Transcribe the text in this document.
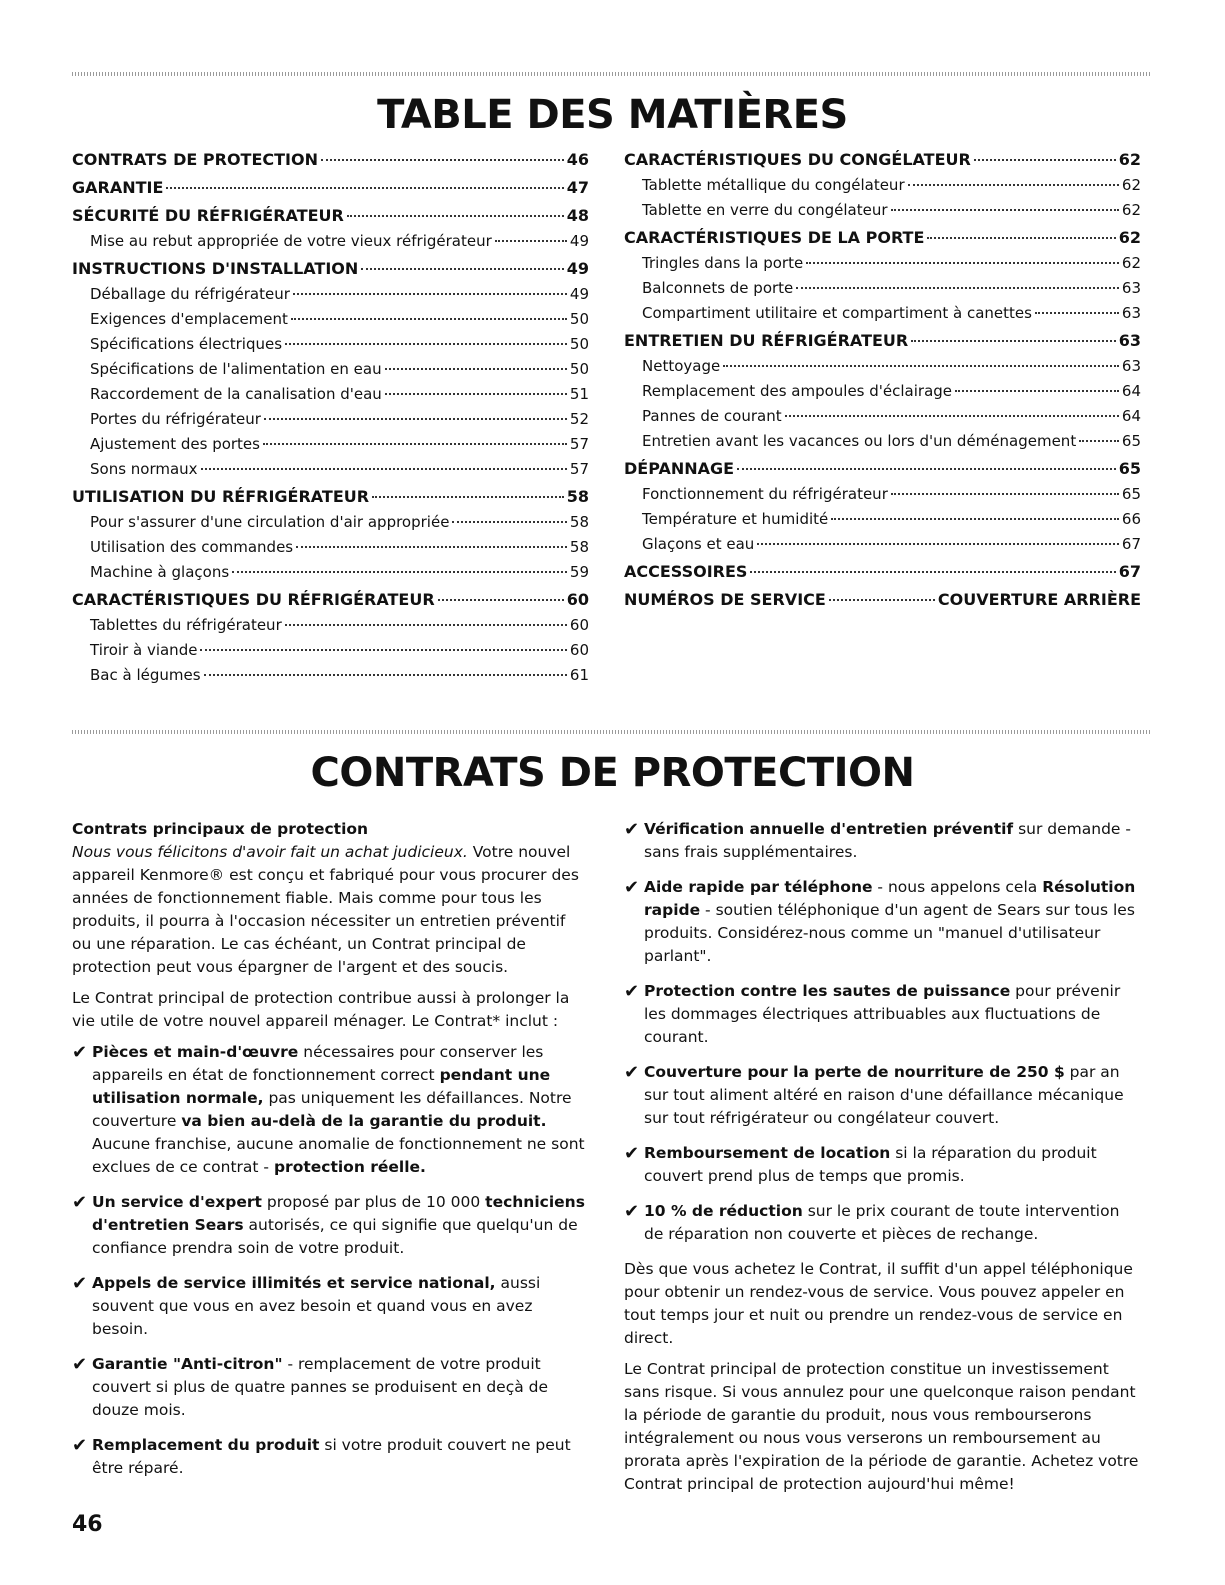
TABLE DES MATIÈRES
CONTRATS DE PROTECTION	46
GARANTIE	47
SÉCURITÉ DU RÉFRIGÉRATEUR	48
Mise au rebut appropriée de votre vieux réfrigérateur	49
INSTRUCTIONS D'INSTALLATION	49
Déballage du réfrigérateur	49
Exigences d'emplacement	50
Spécifications électriques	50
Spécifications de l'alimentation en eau	50
Raccordement de la canalisation d'eau	51
Portes du réfrigérateur	52
Ajustement des portes	57
Sons normaux	57
UTILISATION DU RÉFRIGÉRATEUR	58
Pour s'assurer d'une circulation d'air appropriée	58
Utilisation des commandes	58
Machine à glaçons	59
CARACTÉRISTIQUES DU RÉFRIGÉRATEUR	60
Tablettes du réfrigérateur	60
Tiroir à viande	60
Bac à légumes	61
CARACTÉRISTIQUES DU CONGÉLATEUR	62
Tablette métallique du congélateur	62
Tablette en verre du congélateur	62
CARACTÉRISTIQUES DE LA PORTE	62
Tringles dans la porte	62
Balconnets de porte	63
Compartiment utilitaire et compartiment à canettes	63
ENTRETIEN DU RÉFRIGÉRATEUR	63
Nettoyage	63
Remplacement des ampoules d'éclairage	64
Pannes de courant	64
Entretien avant les vacances ou lors d'un déménagement	65
DÉPANNAGE	65
Fonctionnement du réfrigérateur	65
Température et humidité	66
Glaçons et eau	67
ACCESSOIRES	67
NUMÉROS DE SERVICE	COUVERTURE ARRIÈRE
CONTRATS DE PROTECTION

Contrats principaux de protection

Nous vous félicitons d'avoir fait un achat judicieux. Votre nouvel appareil Kenmore® est conçu et fabriqué pour vous procurer des années de fonctionnement fiable. Mais comme pour tous les produits, il pourra à l'occasion nécessiter un entretien préventif ou une réparation. Le cas échéant, un Contrat principal de protection peut vous épargner de l'argent et des soucis.

Le Contrat principal de protection contribue aussi à prolonger la vie utile de votre nouvel appareil ménager. Le Contrat* inclut :

✔ Pièces et main-d'œuvre nécessaires pour conserver les appareils en état de fonctionnement correct pendant une utilisation normale, pas uniquement les défaillances. Notre couverture va bien au-delà de la garantie du produit. Aucune franchise, aucune anomalie de fonctionnement ne sont exclues de ce contrat - protection réelle.
✔ Un service d'expert proposé par plus de 10 000 techniciens d'entretien Sears autorisés, ce qui signifie que quelqu'un de confiance prendra soin de votre produit.
✔ Appels de service illimités et service national, aussi souvent que vous en avez besoin et quand vous en avez besoin.
✔ Garantie "Anti-citron" - remplacement de votre produit couvert si plus de quatre pannes se produisent en deçà de douze mois.
✔ Remplacement du produit si votre produit couvert ne peut être réparé.
✔ Vérification annuelle d'entretien préventif sur demande - sans frais supplémentaires.
✔ Aide rapide par téléphone - nous appelons cela Résolution rapide - soutien téléphonique d'un agent de Sears sur tous les produits. Considérez-nous comme un "manuel d'utilisateur parlant".
✔ Protection contre les sautes de puissance pour prévenir les dommages électriques attribuables aux fluctuations de courant.
✔ Couverture pour la perte de nourriture de 250 $ par an sur tout aliment altéré en raison d'une défaillance mécanique sur tout réfrigérateur ou congélateur couvert.
✔ Remboursement de location si la réparation du produit couvert prend plus de temps que promis.
✔ 10 % de réduction sur le prix courant de toute intervention de réparation non couverte et pièces de rechange.

Dès que vous achetez le Contrat, il suffit d'un appel téléphonique pour obtenir un rendez-vous de service. Vous pouvez appeler en tout temps jour et nuit ou prendre un rendez-vous de service en direct.

Le Contrat principal de protection constitue un investissement sans risque. Si vous annulez pour une quelconque raison pendant la période de garantie du produit, nous vous rembourserons intégralement ou nous vous verserons un remboursement au prorata après l'expiration de la période de garantie. Achetez votre Contrat principal de protection aujourd'hui même!

46
